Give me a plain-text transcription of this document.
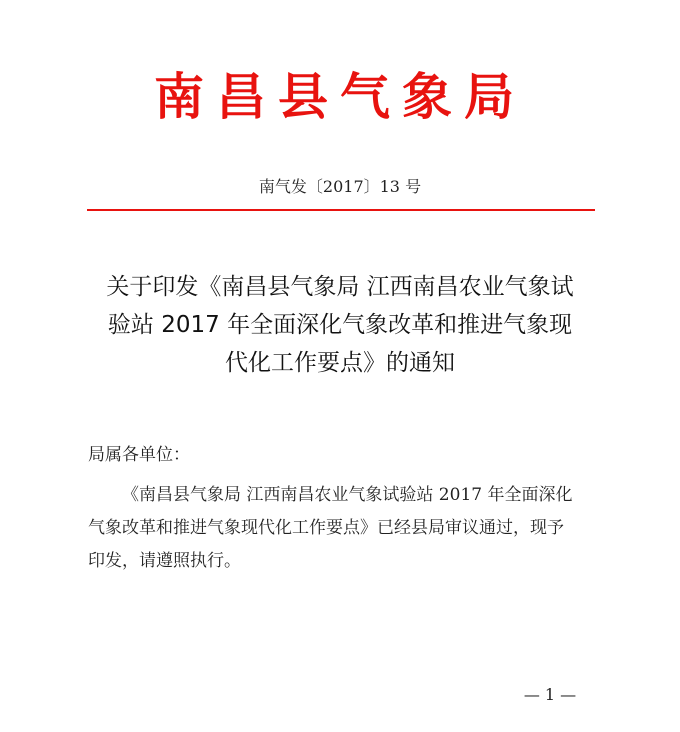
南昌县气象局
南气发〔2017〕13 号
关于印发《南昌县气象局 江西南昌农业气象试
验站 2017 年全面深化气象改革和推进气象现
代化工作要点》的通知
局属各单位：
《南昌县气象局 江西南昌农业气象试验站 2017 年全面深化
气象改革和推进气象现代化工作要点》已经县局审议通过，现予
印发，请遵照执行。
— 1 —
